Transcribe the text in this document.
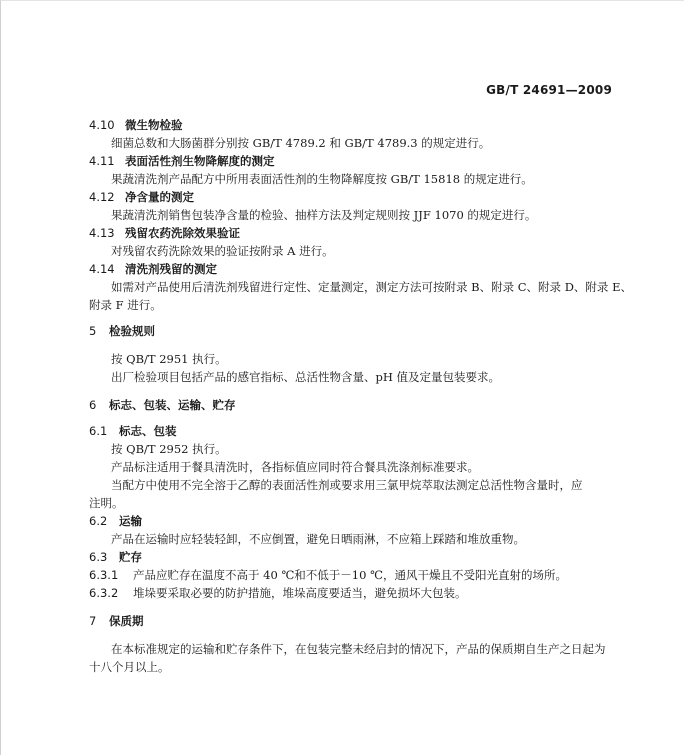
GB/T 24691—2009
4.10 微生物检验
细菌总数和大肠菌群分别按 GB/T 4789.2 和 GB/T 4789.3 的规定进行。
4.11 表面活性剂生物降解度的测定
果蔬清洗剂产品配方中所用表面活性剂的生物降解度按 GB/T 15818 的规定进行。
4.12 净含量的测定
果蔬清洗剂销售包装净含量的检验、抽样方法及判定规则按 JJF 1070 的规定进行。
4.13 残留农药洗除效果验证
对残留农药洗除效果的验证按附录 A 进行。
4.14 清洗剂残留的测定
如需对产品使用后清洗剂残留进行定性、定量测定，测定方法可按附录 B、附录 C、附录 D、附录 E、
附录 F 进行。
5 检验规则
按 QB/T 2951 执行。
出厂检验项目包括产品的感官指标、总活性物含量、pH 值及定量包装要求。
6 标志、包装、运输、贮存
6.1 标志、包装
按 QB/T 2952 执行。
产品标注适用于餐具清洗时，各指标值应同时符合餐具洗涤剂标准要求。
当配方中使用不完全溶于乙醇的表面活性剂或要求用三氯甲烷萃取法测定总活性物含量时，应
注明。
6.2 运输
产品在运输时应轻装轻卸，不应倒置，避免日晒雨淋，不应箱上踩踏和堆放重物。
6.3 贮存
6.3.1 产品应贮存在温度不高于 40 ℃和不低于－10 ℃，通风干燥且不受阳光直射的场所。
6.3.2 堆垛要采取必要的防护措施，堆垛高度要适当，避免损坏大包装。
7 保质期
在本标准规定的运输和贮存条件下，在包装完整未经启封的情况下，产品的保质期自生产之日起为
十八个月以上。
